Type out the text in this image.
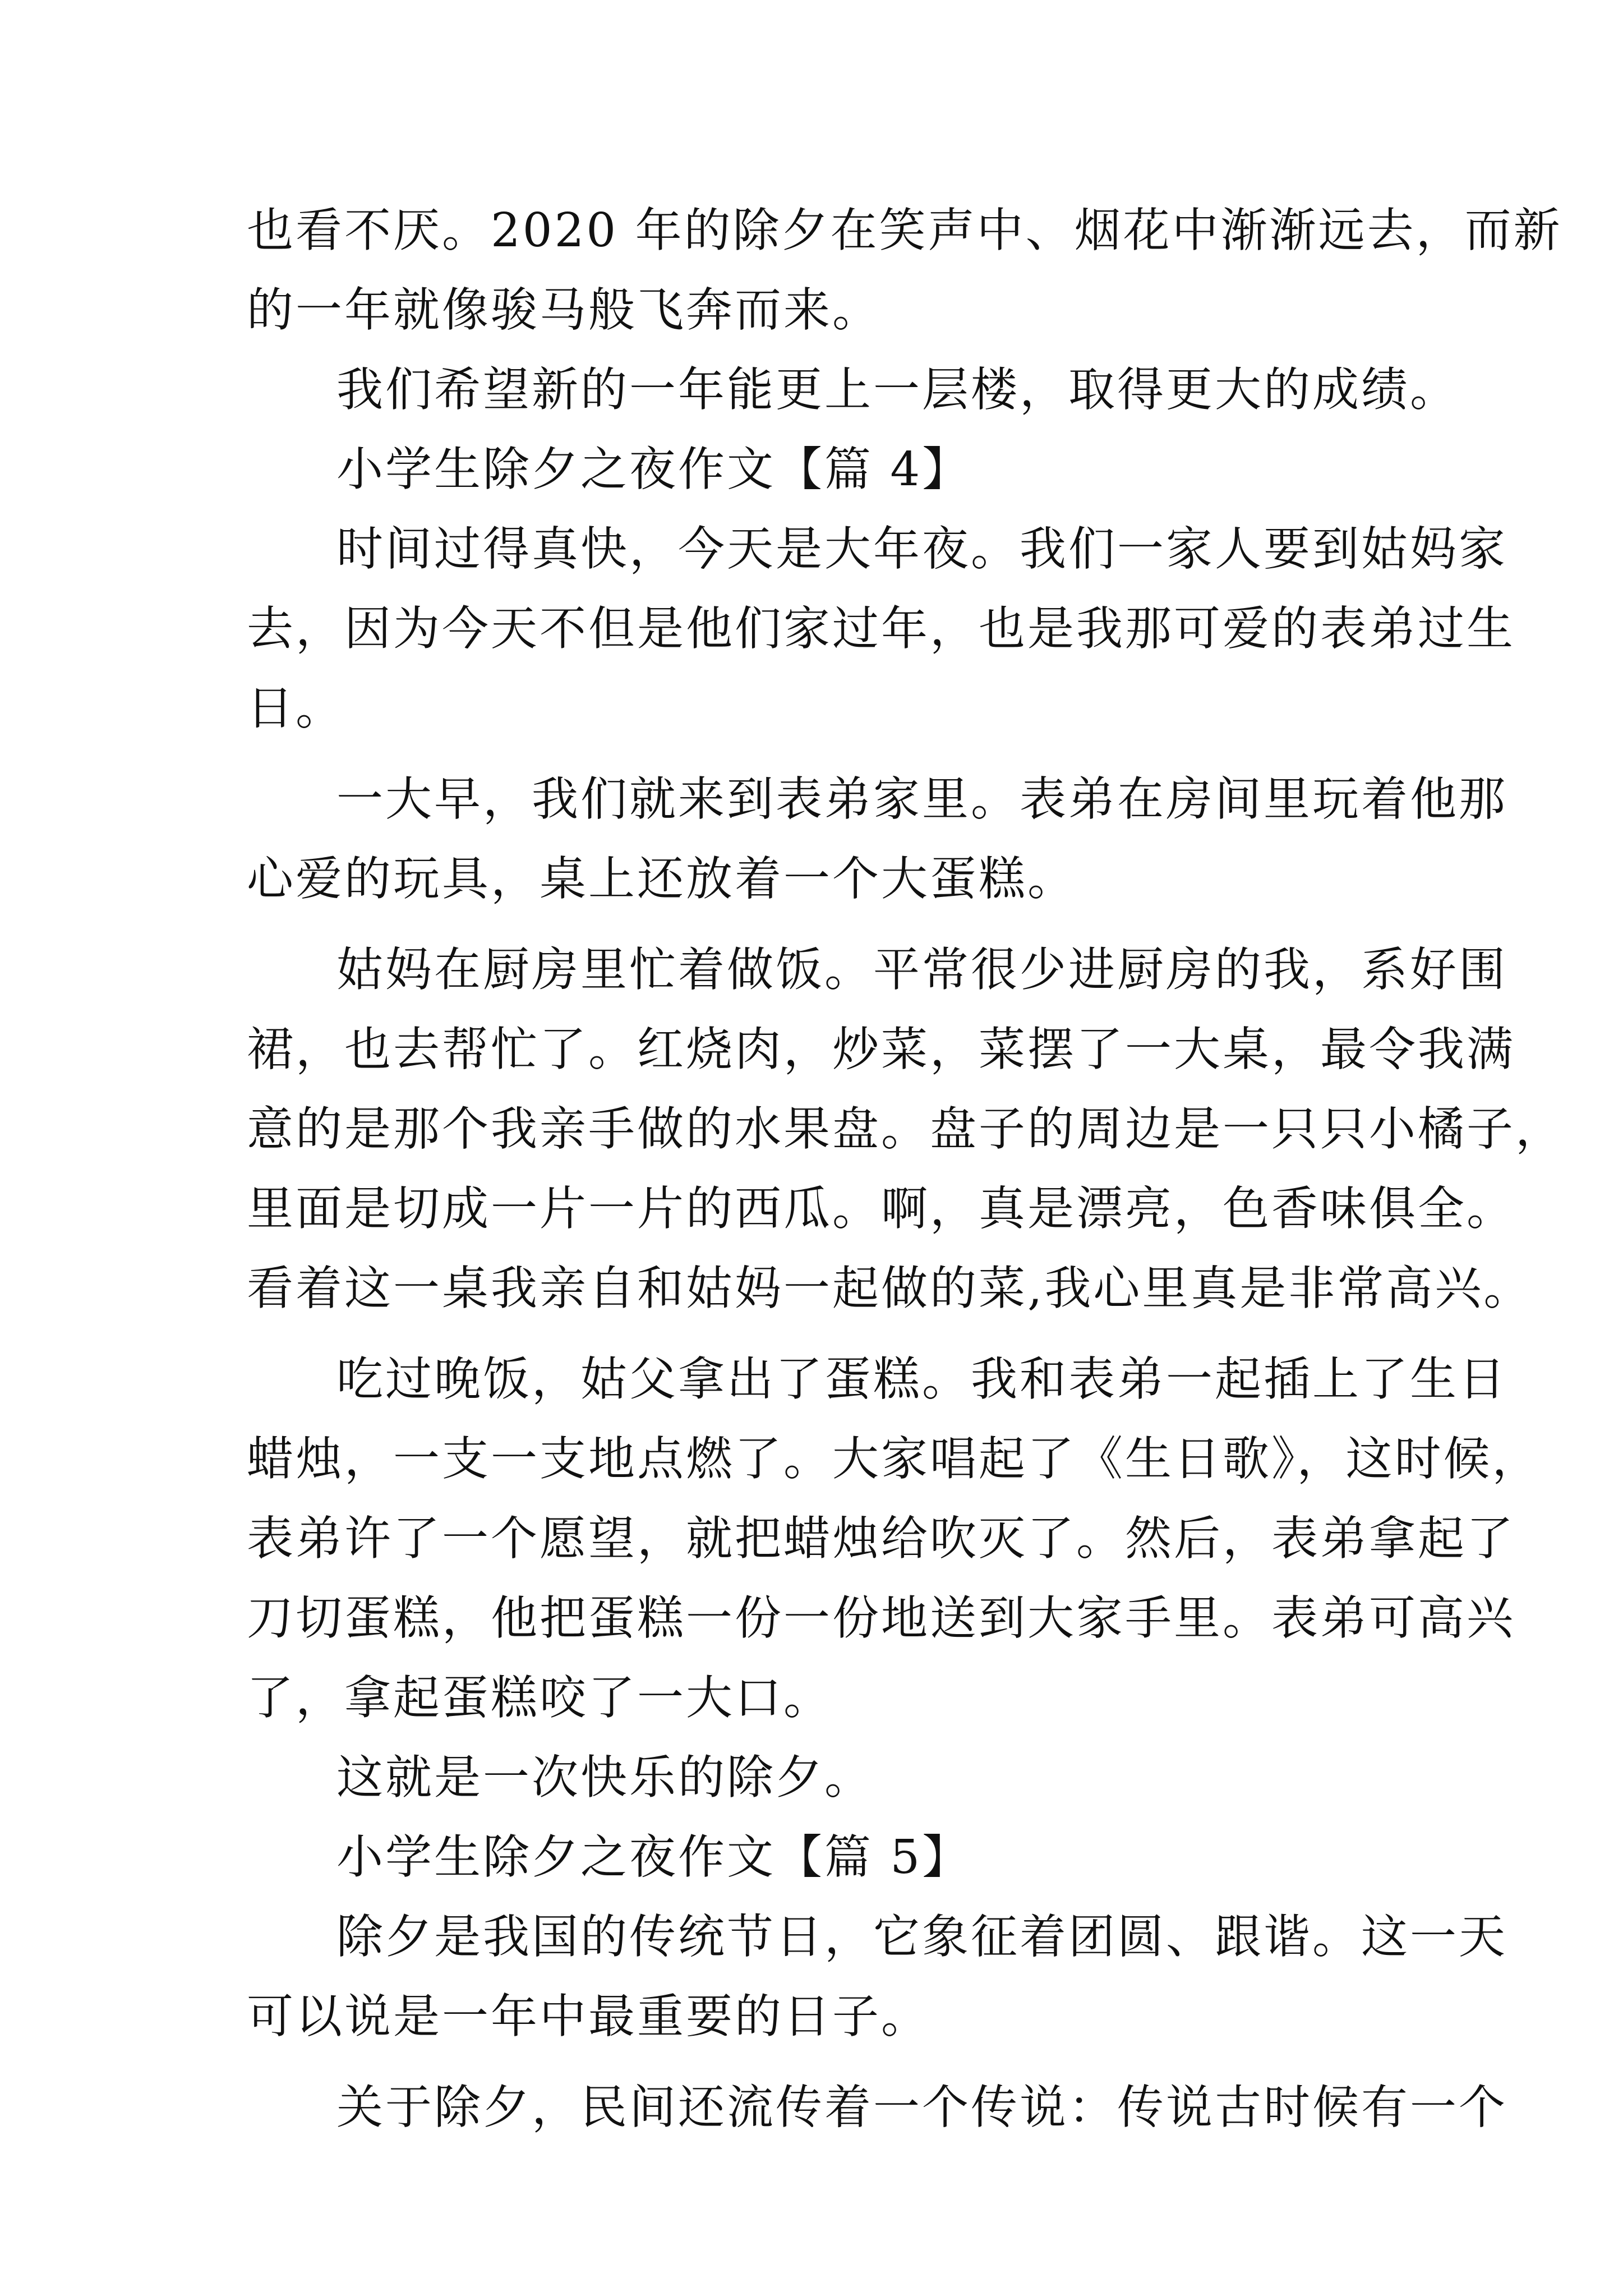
也看不厌。2020 年的除夕在笑声中、烟花中渐渐远去，而新
的一年就像骏马般飞奔而来。
我们希望新的一年能更上一层楼，取得更大的成绩。
小学生除夕之夜作文【篇 4】
时间过得真快，今天是大年夜。我们一家人要到姑妈家
去，因为今天不但是他们家过年，也是我那可爱的表弟过生
日。
一大早，我们就来到表弟家里。表弟在房间里玩着他那
心爱的玩具，桌上还放着一个大蛋糕。
姑妈在厨房里忙着做饭。平常很少进厨房的我，系好围
裙，也去帮忙了。红烧肉，炒菜，菜摆了一大桌，最令我满
意的是那个我亲手做的水果盘。盘子的周边是一只只小橘子，
里面是切成一片一片的西瓜。啊，真是漂亮，色香味俱全。
看着这一桌我亲自和姑妈一起做的菜,我心里真是非常高兴。
吃过晚饭，姑父拿出了蛋糕。我和表弟一起插上了生日
蜡烛，一支一支地点燃了。大家唱起了《生日歌》，这时候，
表弟许了一个愿望，就把蜡烛给吹灭了。然后，表弟拿起了
刀切蛋糕，他把蛋糕一份一份地送到大家手里。表弟可高兴
了，拿起蛋糕咬了一大口。
这就是一次快乐的除夕。
小学生除夕之夜作文【篇 5】
除夕是我国的传统节日，它象征着团圆、跟谐。这一天
可以说是一年中最重要的日子。
关于除夕，民间还流传着一个传说：传说古时候有一个
